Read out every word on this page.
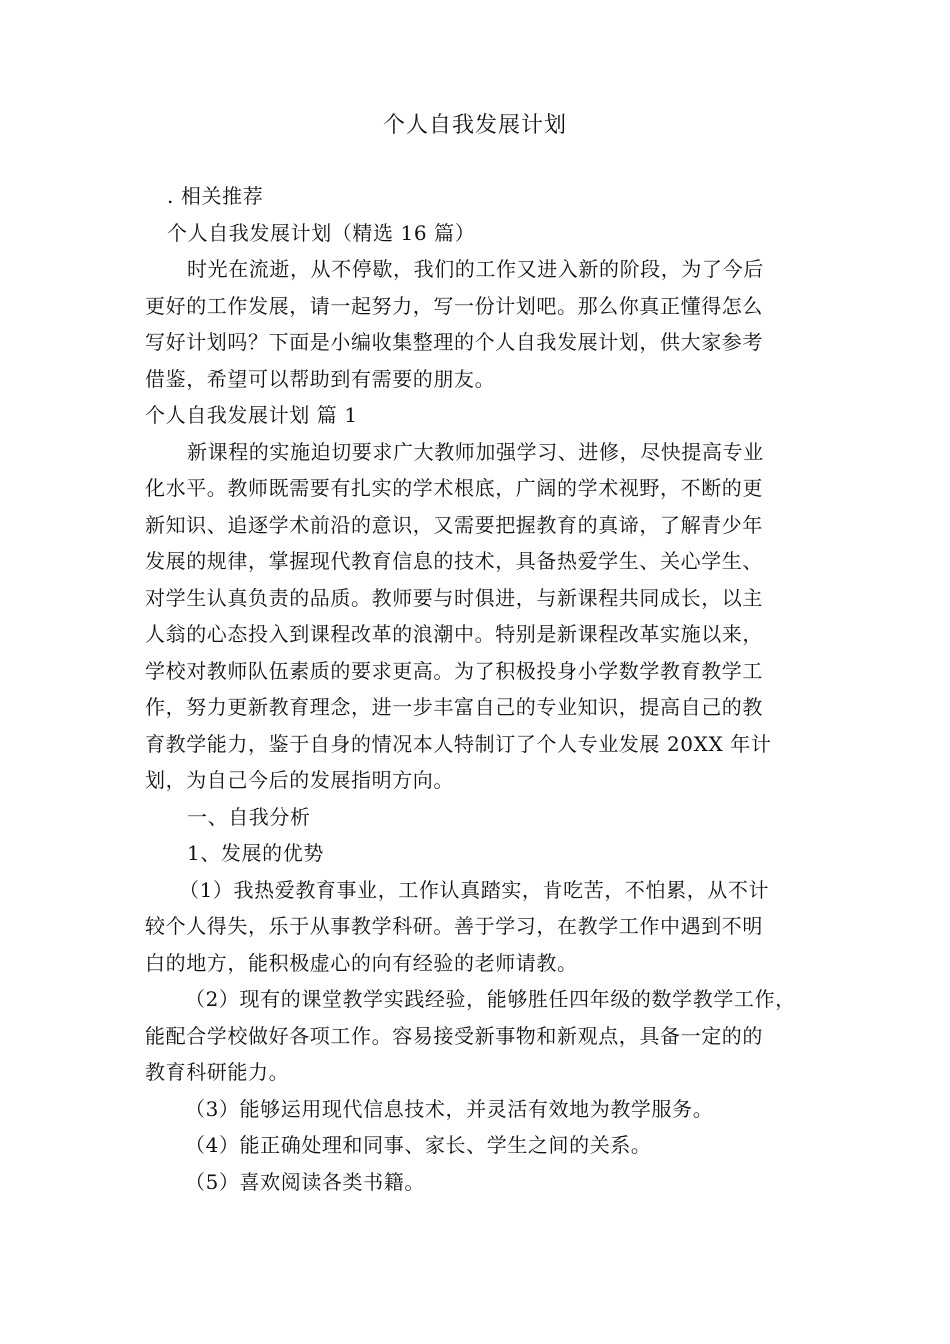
个人自我发展计划
. 相关推荐
个人自我发展计划（精选 16 篇）
时光在流逝，从不停歇，我们的工作又进入新的阶段，为了今后
更好的工作发展，请一起努力，写一份计划吧。那么你真正懂得怎么
写好计划吗？下面是小编收集整理的个人自我发展计划，供大家参考
借鉴，希望可以帮助到有需要的朋友。
个人自我发展计划 篇 1
新课程的实施迫切要求广大教师加强学习、进修，尽快提高专业
化水平。教师既需要有扎实的学术根底，广阔的学术视野，不断的更
新知识、追逐学术前沿的意识，又需要把握教育的真谛，了解青少年
发展的规律，掌握现代教育信息的技术，具备热爱学生、关心学生、
对学生认真负责的品质。教师要与时俱进，与新课程共同成长，以主
人翁的心态投入到课程改革的浪潮中。特别是新课程改革实施以来，
学校对教师队伍素质的要求更高。为了积极投身小学数学教育教学工
作，努力更新教育理念，进一步丰富自己的专业知识，提高自己的教
育教学能力，鉴于自身的情况本人特制订了个人专业发展 20XX 年计
划，为自己今后的发展指明方向。
一、自我分析
1、发展的优势
（1）我热爱教育事业，工作认真踏实，肯吃苦，不怕累，从不计
较个人得失，乐于从事教学科研。善于学习，在教学工作中遇到不明
白的地方，能积极虚心的向有经验的老师请教。
（2）现有的课堂教学实践经验，能够胜任四年级的数学教学工作，
能配合学校做好各项工作。容易接受新事物和新观点，具备一定的的
教育科研能力。
（3）能够运用现代信息技术，并灵活有效地为教学服务。
（4）能正确处理和同事、家长、学生之间的关系。
（5）喜欢阅读各类书籍。
